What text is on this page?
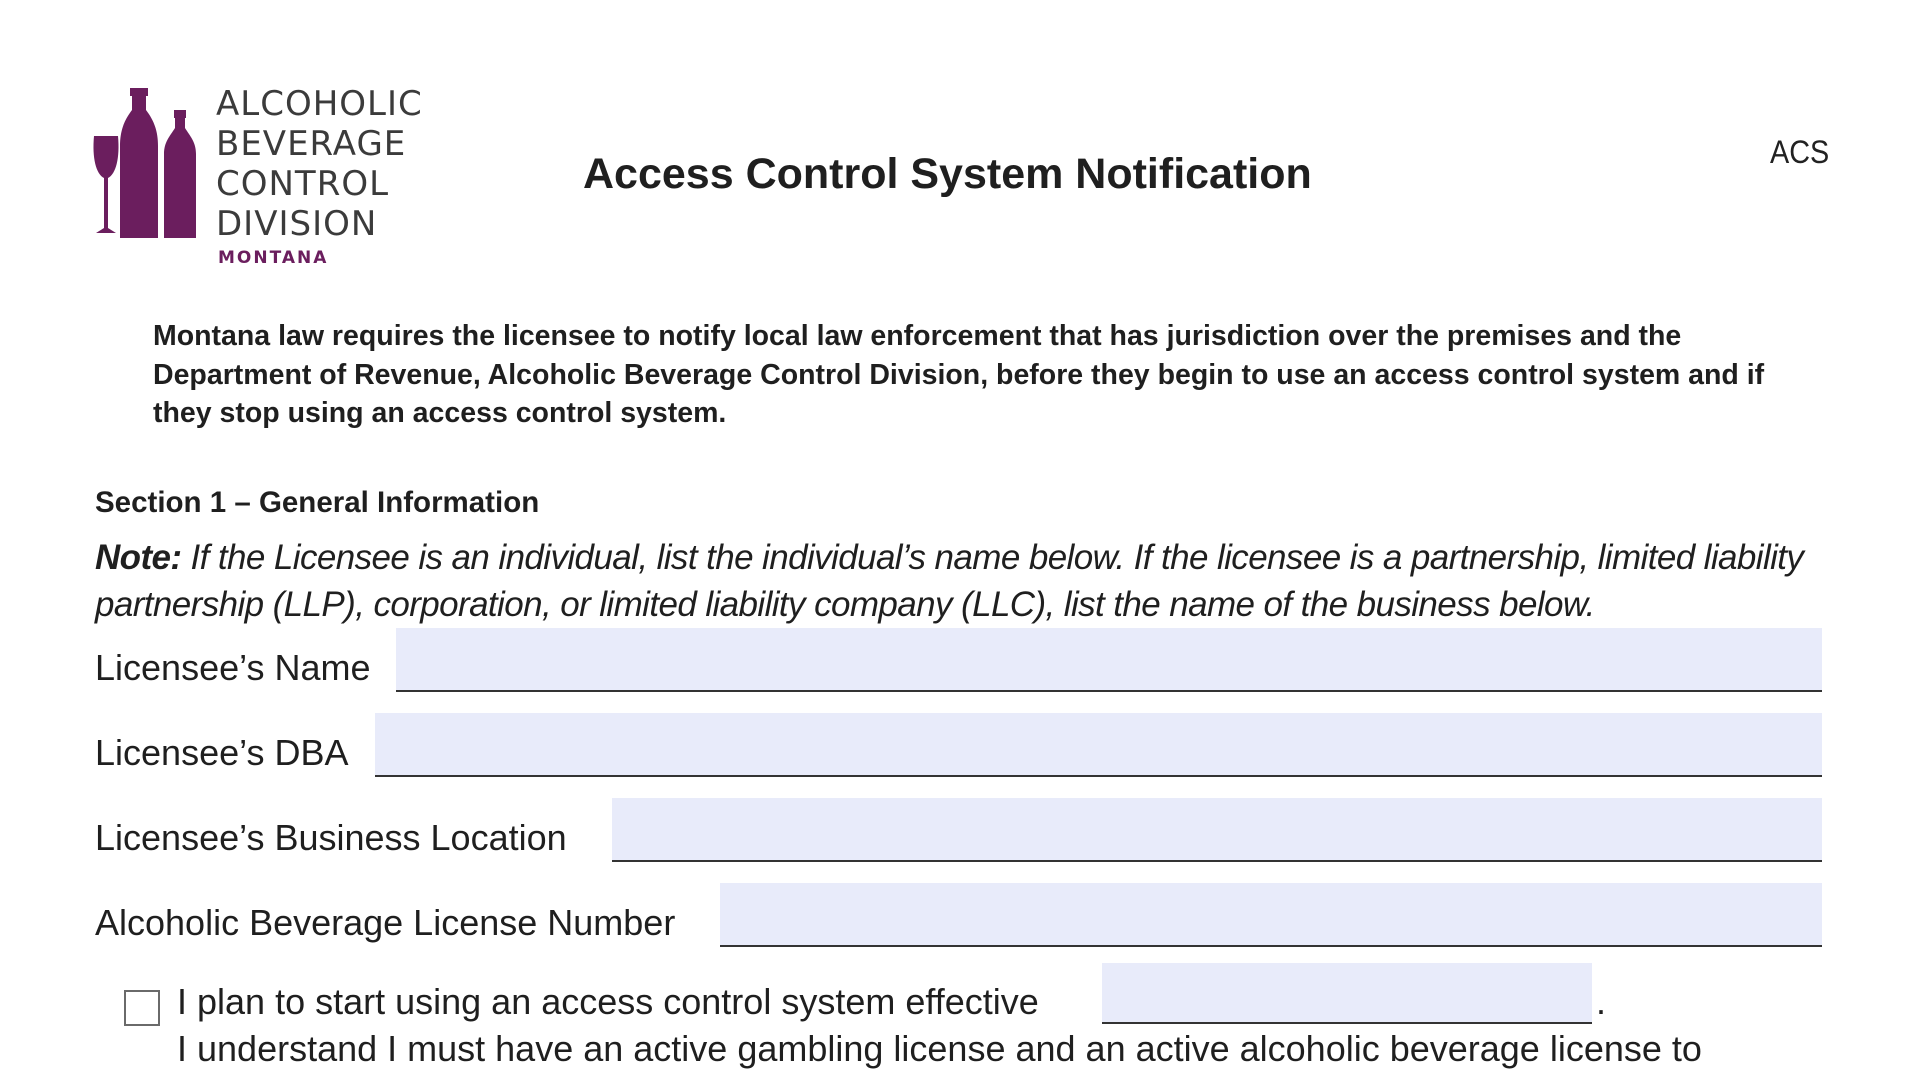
ALCOHOLIC
BEVERAGE
CONTROL
DIVISION
MONTANA
Access Control System Notification	ACS
Montana law requires the licensee to notify local law enforcement that has jurisdiction over the premises and the Department of Revenue, Alcoholic Beverage Control Division, before they begin to use an access control system and if they stop using an access control system.
Section 1 – General Information
Note: If the Licensee is an individual, list the individual’s name below. If the licensee is a partnership, limited liability partnership (LLP), corporation, or limited liability company (LLC), list the name of the business below.
Licensee’s Name
Licensee’s DBA
Licensee’s Business Location
Alcoholic Beverage License Number
I plan to start using an access control system effective	.
I understand I must have an active gambling license and an active alcoholic beverage license to
